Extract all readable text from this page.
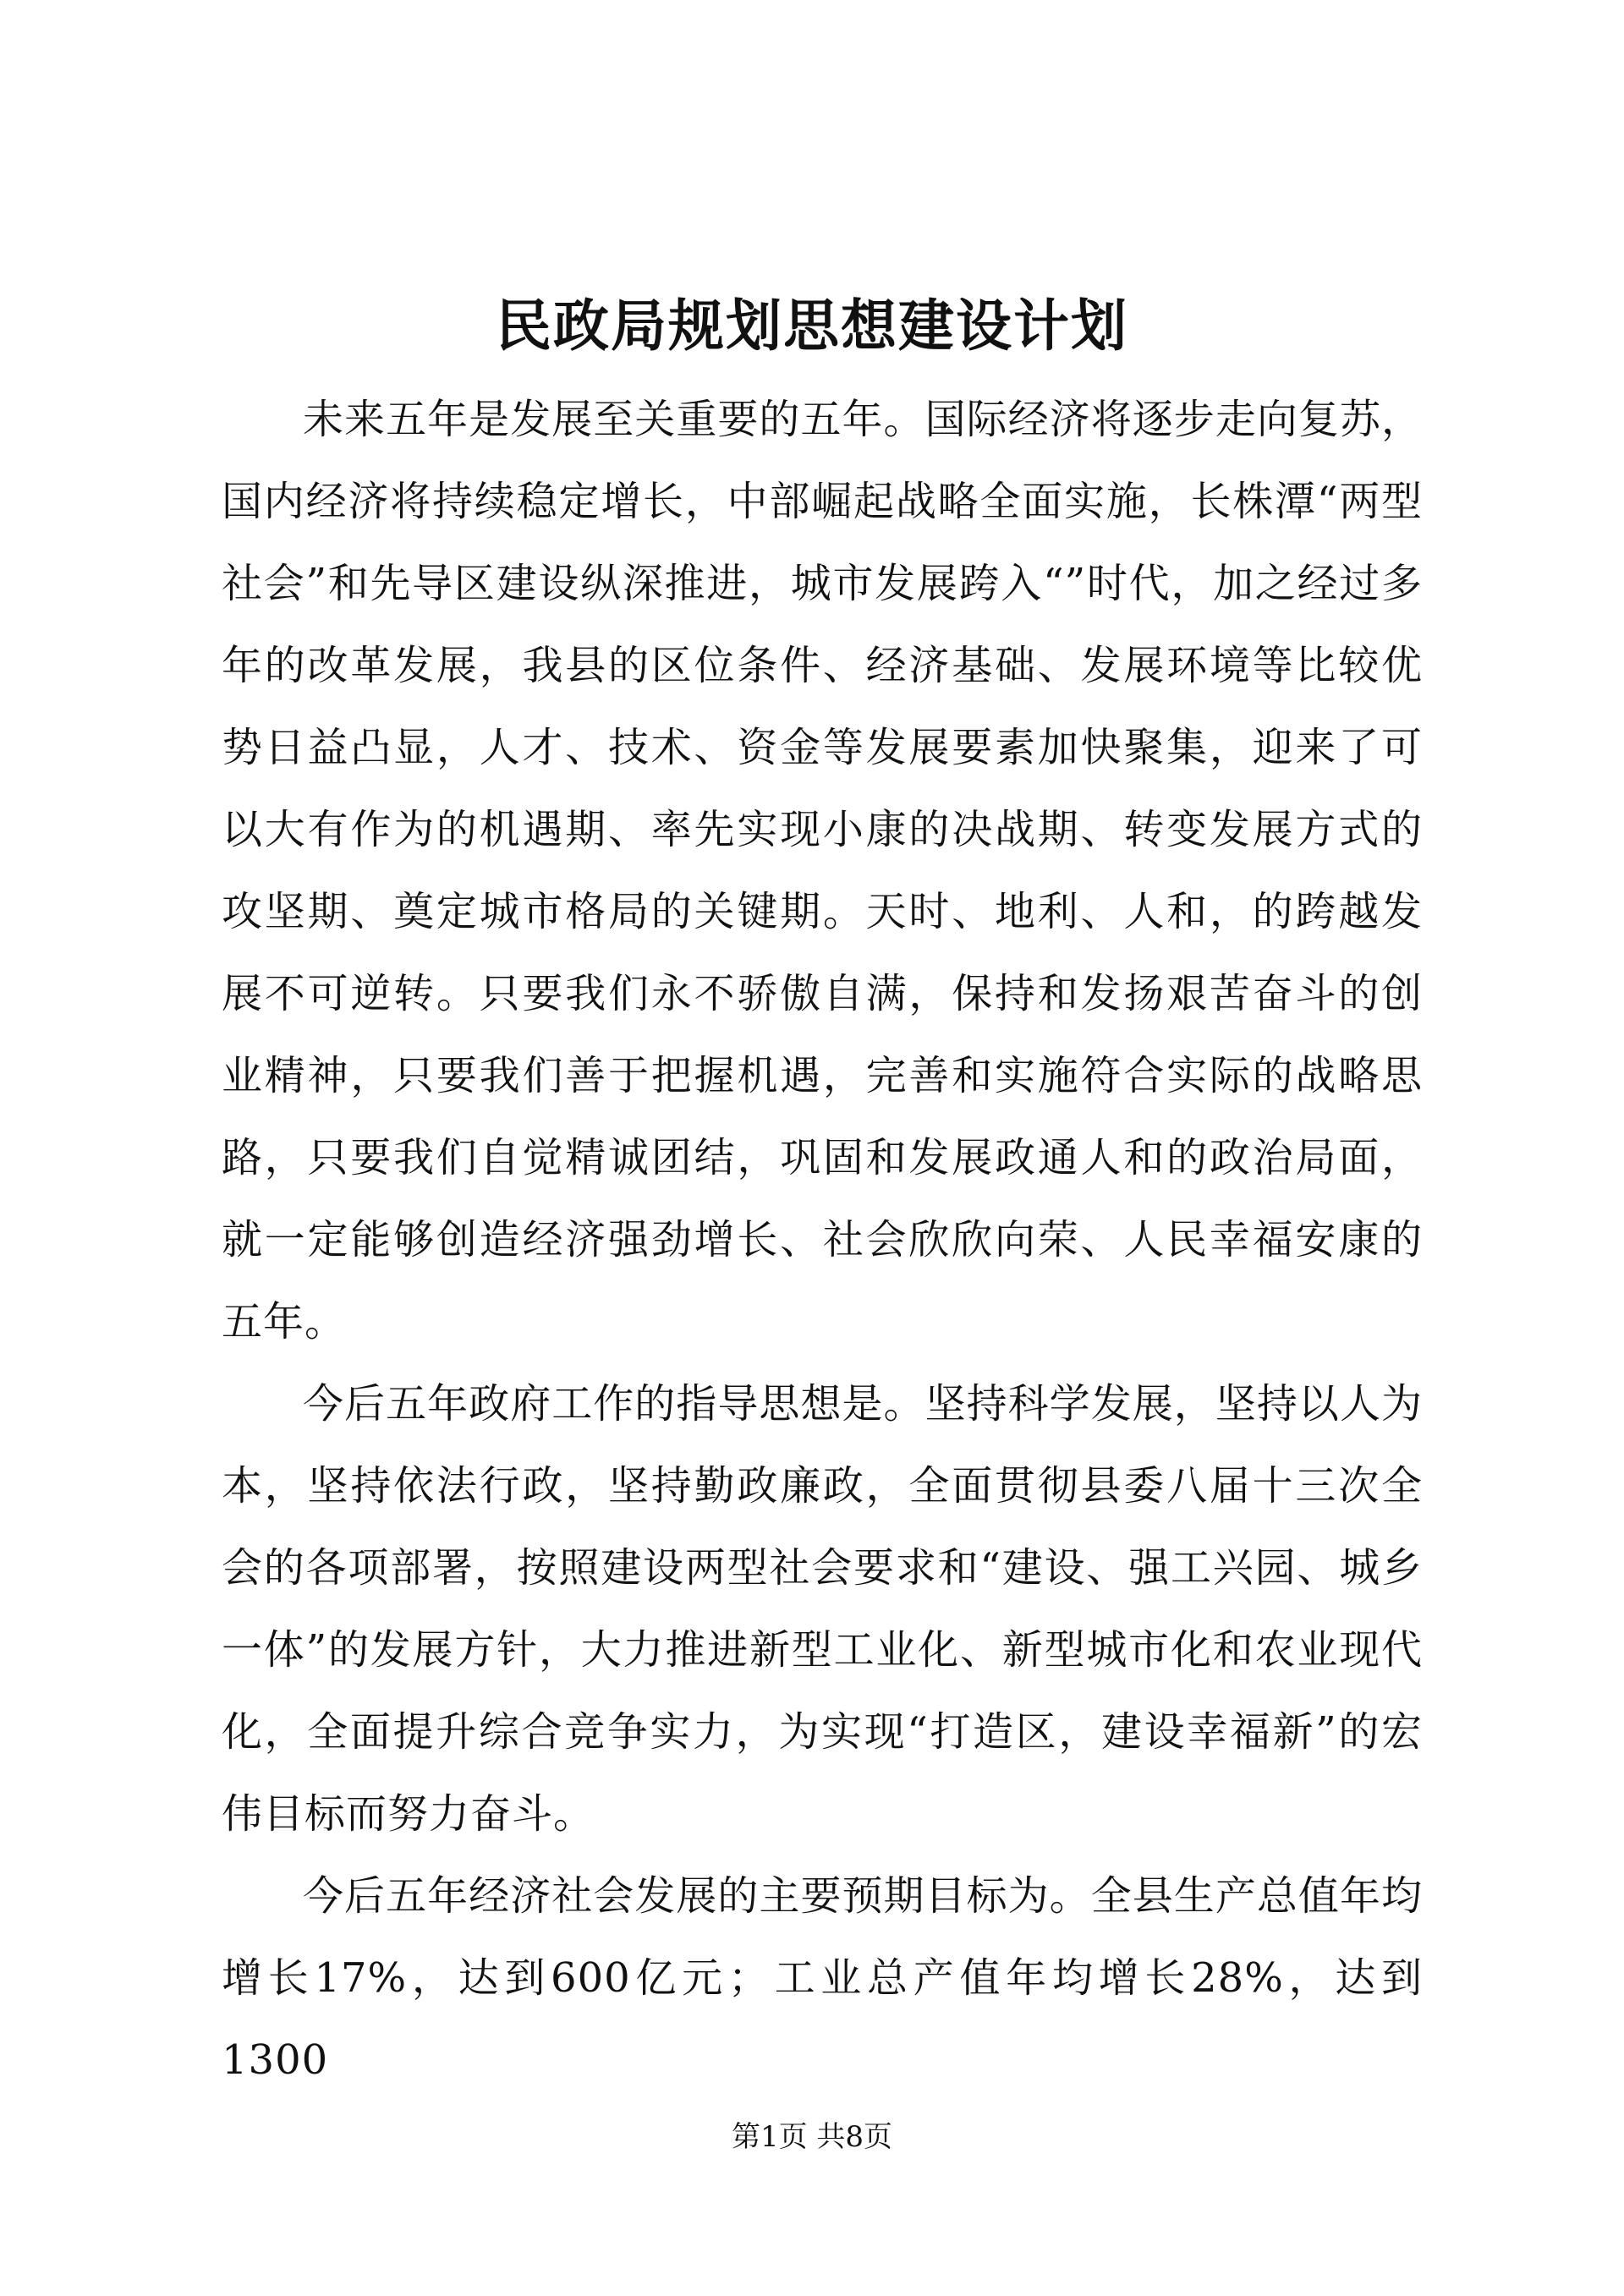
民政局规划思想建设计划

未来五年是发展至关重要的五年。国际经济将逐步走向复苏，国内经济将持续稳定增长，中部崛起战略全面实施，长株潭“两型社会”和先导区建设纵深推进，城市发展跨入“”时代，加之经过多年的改革发展，我县的区位条件、经济基础、发展环境等比较优势日益凸显，人才、技术、资金等发展要素加快聚集，迎来了可以大有作为的机遇期、率先实现小康的决战期、转变发展方式的攻坚期、奠定城市格局的关键期。天时、地利、人和，的跨越发展不可逆转。只要我们永不骄傲自满，保持和发扬艰苦奋斗的创业精神，只要我们善于把握机遇，完善和实施符合实际的战略思路，只要我们自觉精诚团结，巩固和发展政通人和的政治局面，就一定能够创造经济强劲增长、社会欣欣向荣、人民幸福安康的五年。

今后五年政府工作的指导思想是。坚持科学发展，坚持以人为本，坚持依法行政，坚持勤政廉政，全面贯彻县委八届十三次全会的各项部署，按照建设两型社会要求和“建设、强工兴园、城乡一体”的发展方针，大力推进新型工业化、新型城市化和农业现代化，全面提升综合竞争实力，为实现“打造区，建设幸福新”的宏伟目标而努力奋斗。

今后五年经济社会发展的主要预期目标为。全县生产总值年均增长17%，达到600亿元；工业总产值年均增长28%，达到1300

第1页 共8页
